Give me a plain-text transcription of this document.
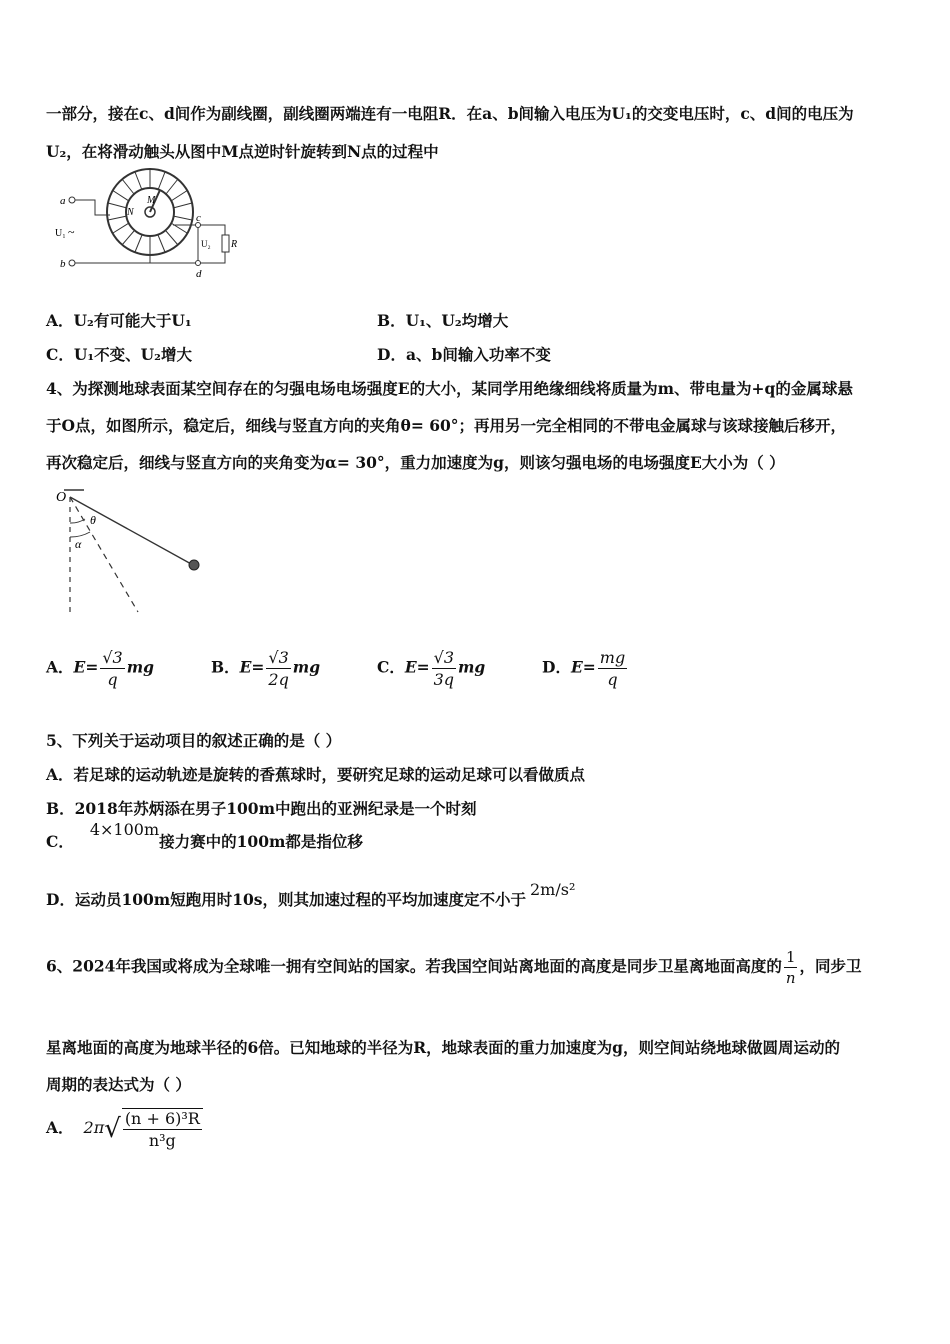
一部分，接在c、d间作为副线圈，副线圈两端连有一电阻R．在a、b间输入电压为U₁的交变电压时，c、d间的电压为
U₂，在将滑动触头从图中M点逆时针旋转到N点的过程中
a
b
U₁ ~
c
d
U₂ R
N
M
A．U₂有可能大于U₁	B．U₁、U₂均增大
C．U₁不变、U₂增大	D．a、b间输入功率不变
4、为探测地球表面某空间存在的匀强电场电场强度E的大小，某同学用绝缘细线将质量为m、带电量为+q的金属球悬
于O点，如图所示，稳定后，细线与竖直方向的夹角θ= 60°；再用另一完全相同的不带电金属球与该球接触后移开，
再次稳定后，细线与竖直方向的夹角变为α= 30°，重力加速度为g，则该匀强电场的电场强度E大小为（ ）
O
θ
α
A．$E= \frac{√3}{q}$ mg	B．$E= \frac{√3}{2q}$ mg	C．$E= \frac{√3}{3q}$ mg	D．$E= \frac{mg}{q}$
5、下列关于运动项目的叙述正确的是（ ）
A．若足球的运动轨迹是旋转的香蕉球时，要研究足球的运动足球可以看做质点
B．2018年苏炳添在男子100m中跑出的亚洲纪录是一个时刻
C．4×100m接力赛中的100m都是指位移
D．运动员100m短跑用时10s，则其加速过程的平均加速度定不小于2m/s²
6、2024年我国或将成为全球唯一拥有空间站的国家。若我国空间站离地面的高度是同步卫星离地面高度的 $\frac{1}{n}$ ，同步卫
星离地面的高度为地球半径的6倍。已知地球的半径为R，地球表面的重力加速度为g，则空间站绕地球做圆周运动的
周期的表达式为（ ）
A． $2\pi√ \frac{\text{(n + 6)³R}}{\text{n³g}}$
